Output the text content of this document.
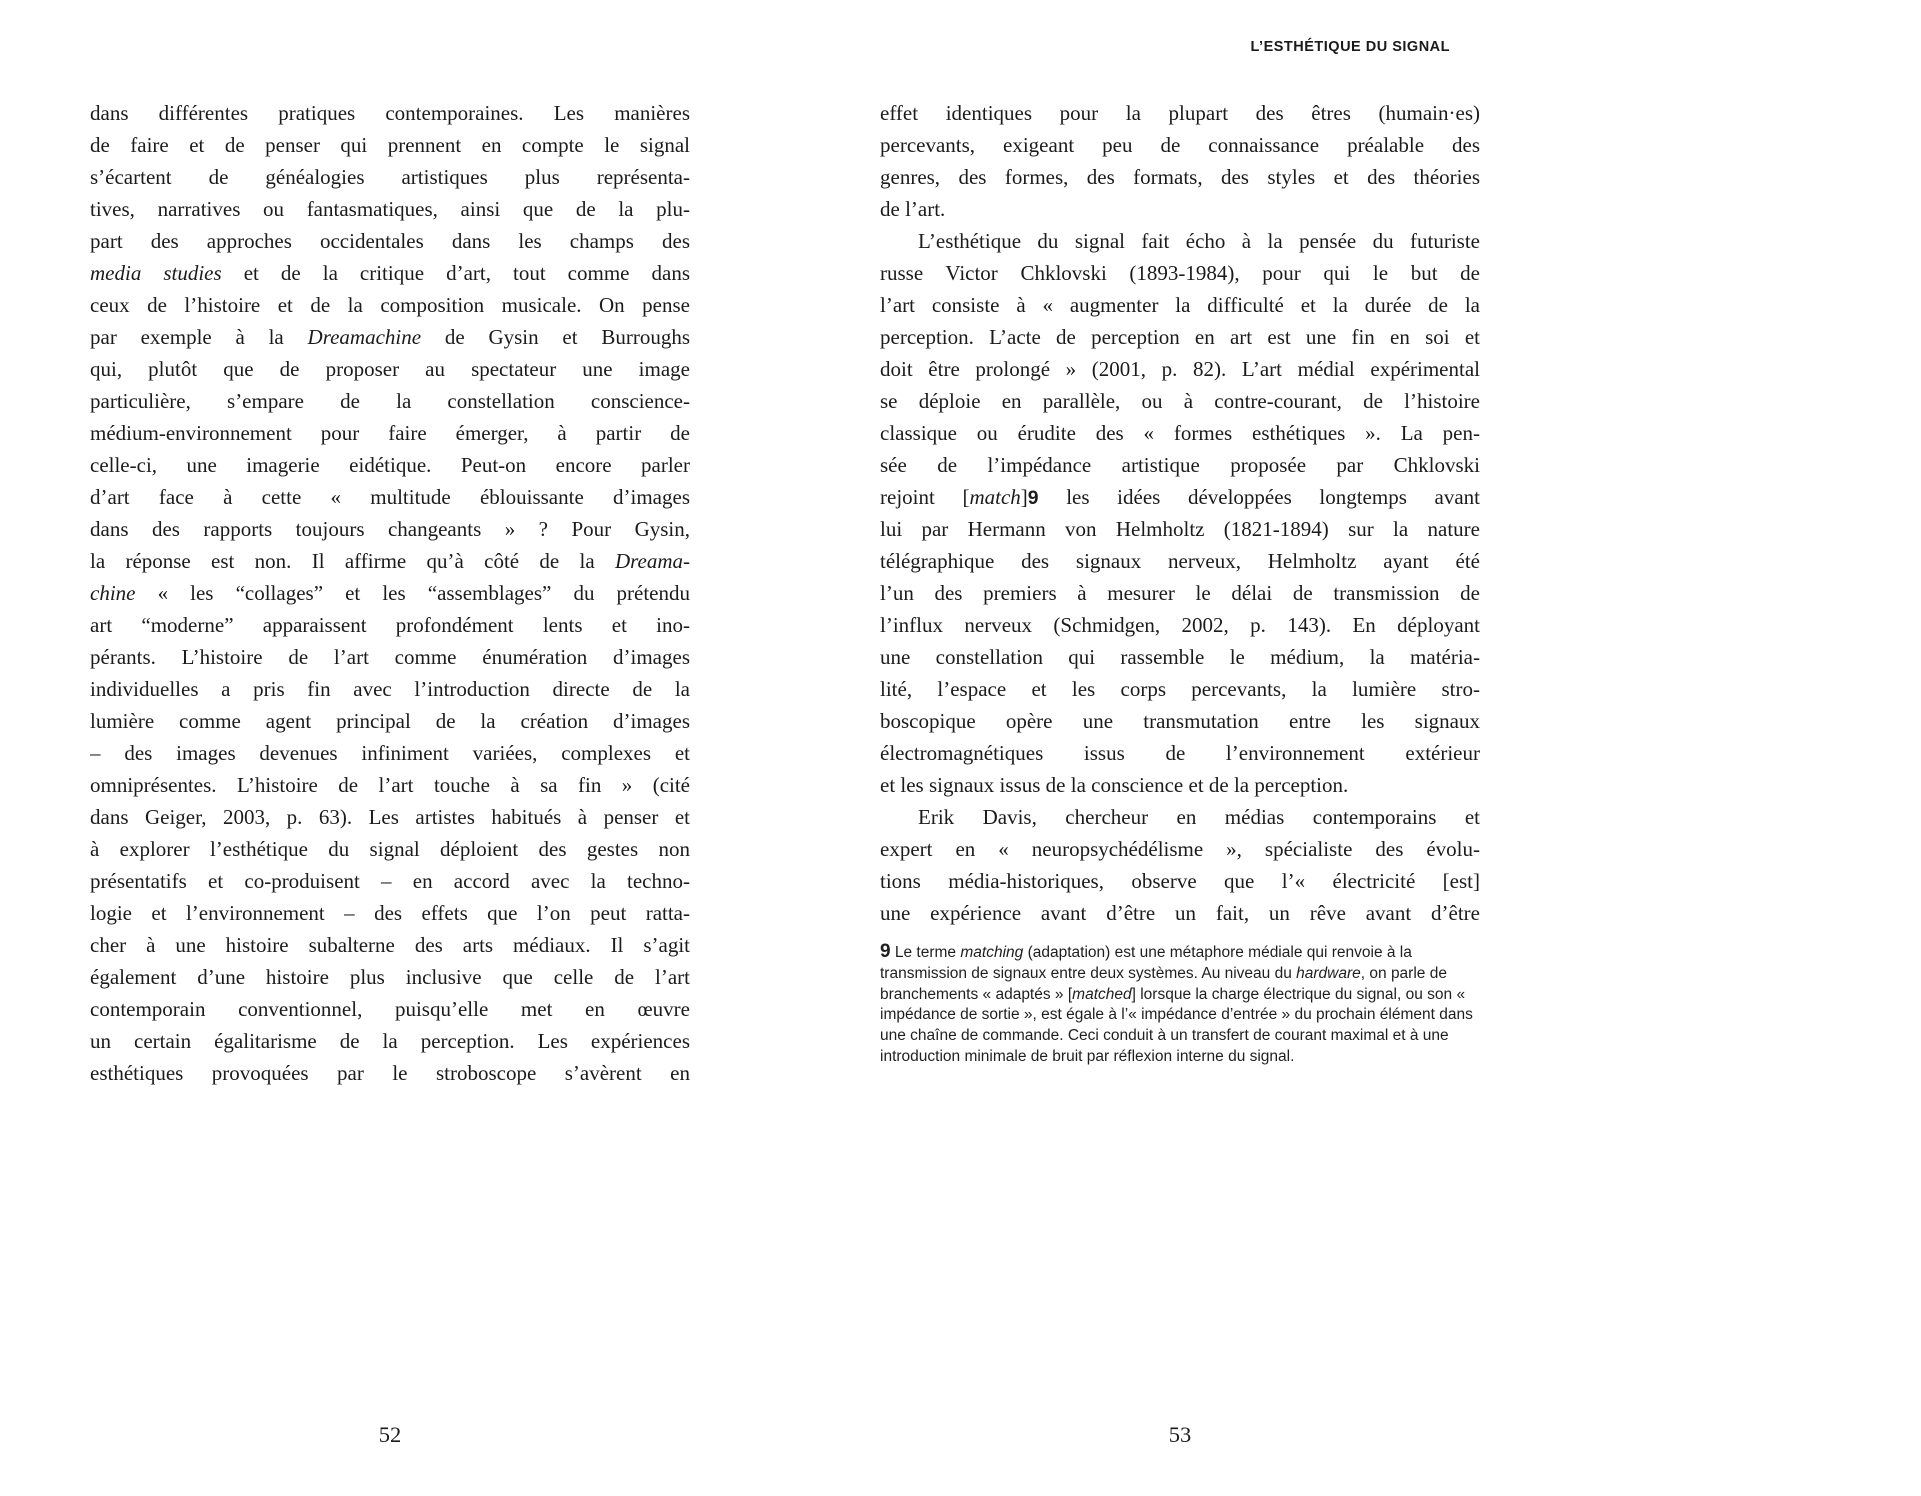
L’ESTHÉTIQUE DU SIGNAL
dans différentes pratiques contemporaines. Les manières
de faire et de penser qui prennent en compte le signal
s’écartent de généalogies artistiques plus représenta-
tives, narratives ou fantasmatiques, ainsi que de la plu-
part des approches occidentales dans les champs des
media studies et de la critique d’art, tout comme dans
ceux de l’histoire et de la composition musicale. On pense
par exemple à la Dreamachine de Gysin et Burroughs
qui, plutôt que de proposer au spectateur une image
particulière, s’empare de la constellation conscience-
médium-environnement pour faire émerger, à partir de
celle-ci, une imagerie eidétique. Peut-on encore parler
d’art face à cette « multitude éblouissante d’images
dans des rapports toujours changeants » ? Pour Gysin,
la réponse est non. Il affirme qu’à côté de la Dreama-
chine « les “collages” et les “assemblages” du prétendu
art “moderne” apparaissent profondément lents et ino-
pérants. L’histoire de l’art comme énumération d’images
individuelles a pris fin avec l’introduction directe de la
lumière comme agent principal de la création d’images
– des images devenues infiniment variées, complexes et
omniprésentes. L’histoire de l’art touche à sa fin » (cité
dans Geiger, 2003, p. 63). Les artistes habitués à penser et
à explorer l’esthétique du signal déploient des gestes non
présentatifs et co-produisent – en accord avec la techno-
logie et l’environnement – des effets que l’on peut ratta-
cher à une histoire subalterne des arts médiaux. Il s’agit
également d’une histoire plus inclusive que celle de l’art
contemporain conventionnel, puisqu’elle met en œuvre
un certain égalitarisme de la perception. Les expériences
esthétiques provoquées par le stroboscope s’avèrent en
effet identiques pour la plupart des êtres (humain·es)
percevants, exigeant peu de connaissance préalable des
genres, des formes, des formats, des styles et des théories
de l’art.
L’esthétique du signal fait écho à la pensée du futuriste
russe Victor Chklovski (1893-1984), pour qui le but de
l’art consiste à « augmenter la difficulté et la durée de la
perception. L’acte de perception en art est une fin en soi et
doit être prolongé » (2001, p. 82). L’art médial expérimental
se déploie en parallèle, ou à contre-courant, de l’histoire
classique ou érudite des « formes esthétiques ». La pen-
sée de l’impédance artistique proposée par Chklovski
rejoint [match]9 les idées développées longtemps avant
lui par Hermann von Helmholtz (1821-1894) sur la nature
télégraphique des signaux nerveux, Helmholtz ayant été
l’un des premiers à mesurer le délai de transmission de
l’influx nerveux (Schmidgen, 2002, p. 143). En déployant
une constellation qui rassemble le médium, la matéria-
lité, l’espace et les corps percevants, la lumière stro-
boscopique opère une transmutation entre les signaux
électromagnétiques issus de l’environnement extérieur
et les signaux issus de la conscience et de la perception.
Erik Davis, chercheur en médias contemporains et
expert en « neuropsychédélisme », spécialiste des évolu-
tions média-historiques, observe que l’« électricité [est]
une expérience avant d’être un fait, un rêve avant d’être
9 Le terme matching (adaptation) est une métaphore médiale qui renvoie à la transmission de signaux entre deux systèmes. Au niveau du hardware, on parle de branchements « adaptés » [matched] lorsque la charge électrique du signal, ou son « impédance de sortie », est égale à l’« impédance d’entrée » du prochain élément dans une chaîne de commande. Ceci conduit à un transfert de courant maximal et à une introduction minimale de bruit par réflexion interne du signal.
52	53
